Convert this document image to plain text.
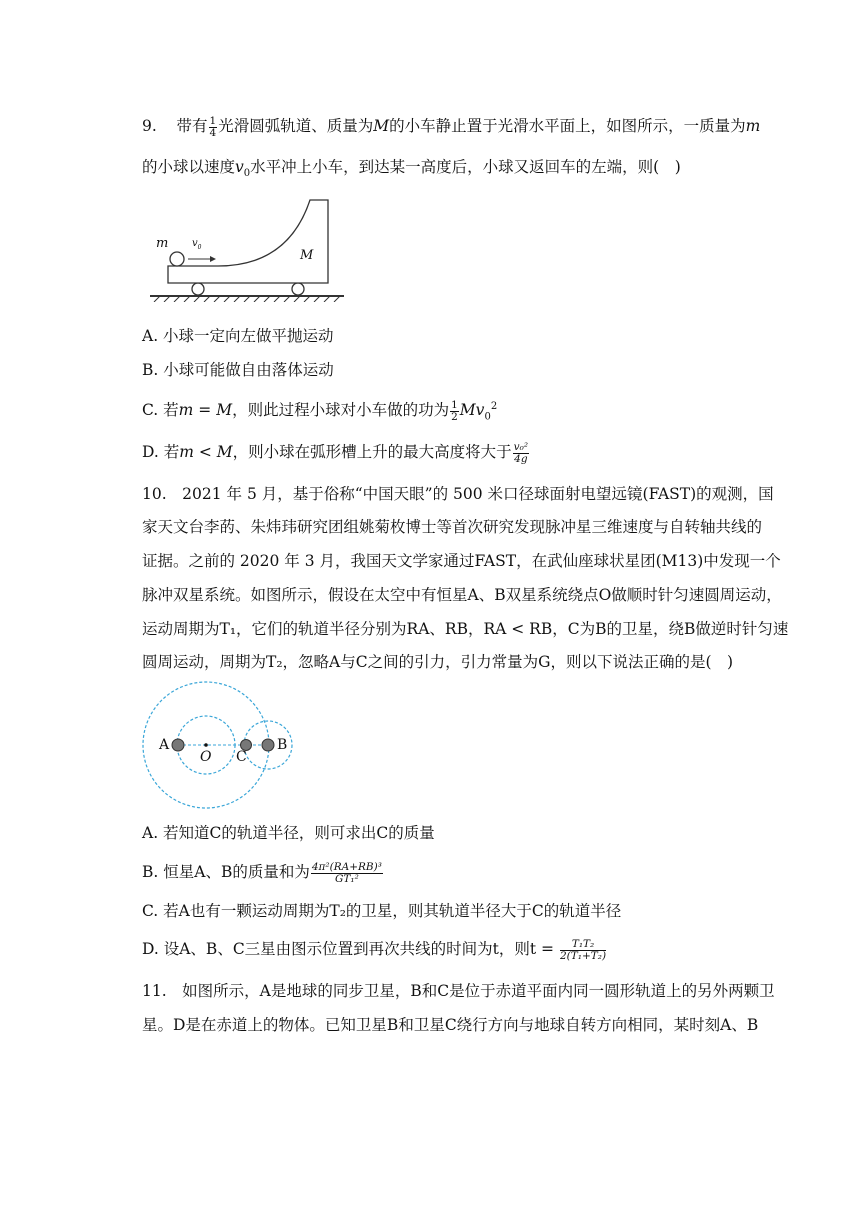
9. 带有 $\frac{1}{4}$ 光滑圆弧轨道、质量为M的小车静止置于光滑水平面上，如图所示，一质量为m
的小球以速度$v_0$水平冲上小车，到达某一高度后，小球又返回车的左端，则(　)
m $v_0$
M
A. 小球一定向左做平抛运动
B. 小球可能做自由落体运动
C. 若m = M，则此过程小球对小车做的功为 $\frac{1}{2} Mv_0^2$
D. 若m < M，则小球在弧形槽上升的最大高度将大于 $\frac{\text{v₀²}}{4g}$
10.　2021 年 5 月，基于俗称“中国天眼”的 500 米口径球面射电望远镜(FAST)的观测，国
家天文台李菂、朱炜玮研究团组姚菊枚博士等首次研究发现脉冲星三维速度与自转轴共线的
证据。之前的 2020 年 3 月，我国天文学家通过FAST，在武仙座球状星团(M13)中发现一个
脉冲双星系统。如图所示，假设在太空中有恒星A、B双星系统绕点O做顺时针匀速圆周运动，
运动周期为T₁，它们的轨道半径分别为RA、RB，RA < RB，C为B的卫星，绕B做逆时针匀速
圆周运动，周期为T₂，忽略A与C之间的引力，引力常量为G，则以下说法正确的是(　)
A
O C
B
A. 若知道C的轨道半径，则可求出C的质量
B. 恒星A、B的质量和为 $\frac{\text{4π²(RA+RB)³}}{\text{GT₁²}}$
C. 若A也有一颗运动周期为T₂的卫星，则其轨道半径大于C的轨道半径
D. 设A、B、C三星由图示位置到再次共线的时间为t，则$t = \frac{\text{T₁T₂}}{\text{2(T₁+T₂)}}$
11.　如图所示，A是地球的同步卫星，B和C是位于赤道平面内同一圆形轨道上的另外两颗卫
星。D是在赤道上的物体。已知卫星B和卫星C绕行方向与地球自转方向相同，某时刻A、B
